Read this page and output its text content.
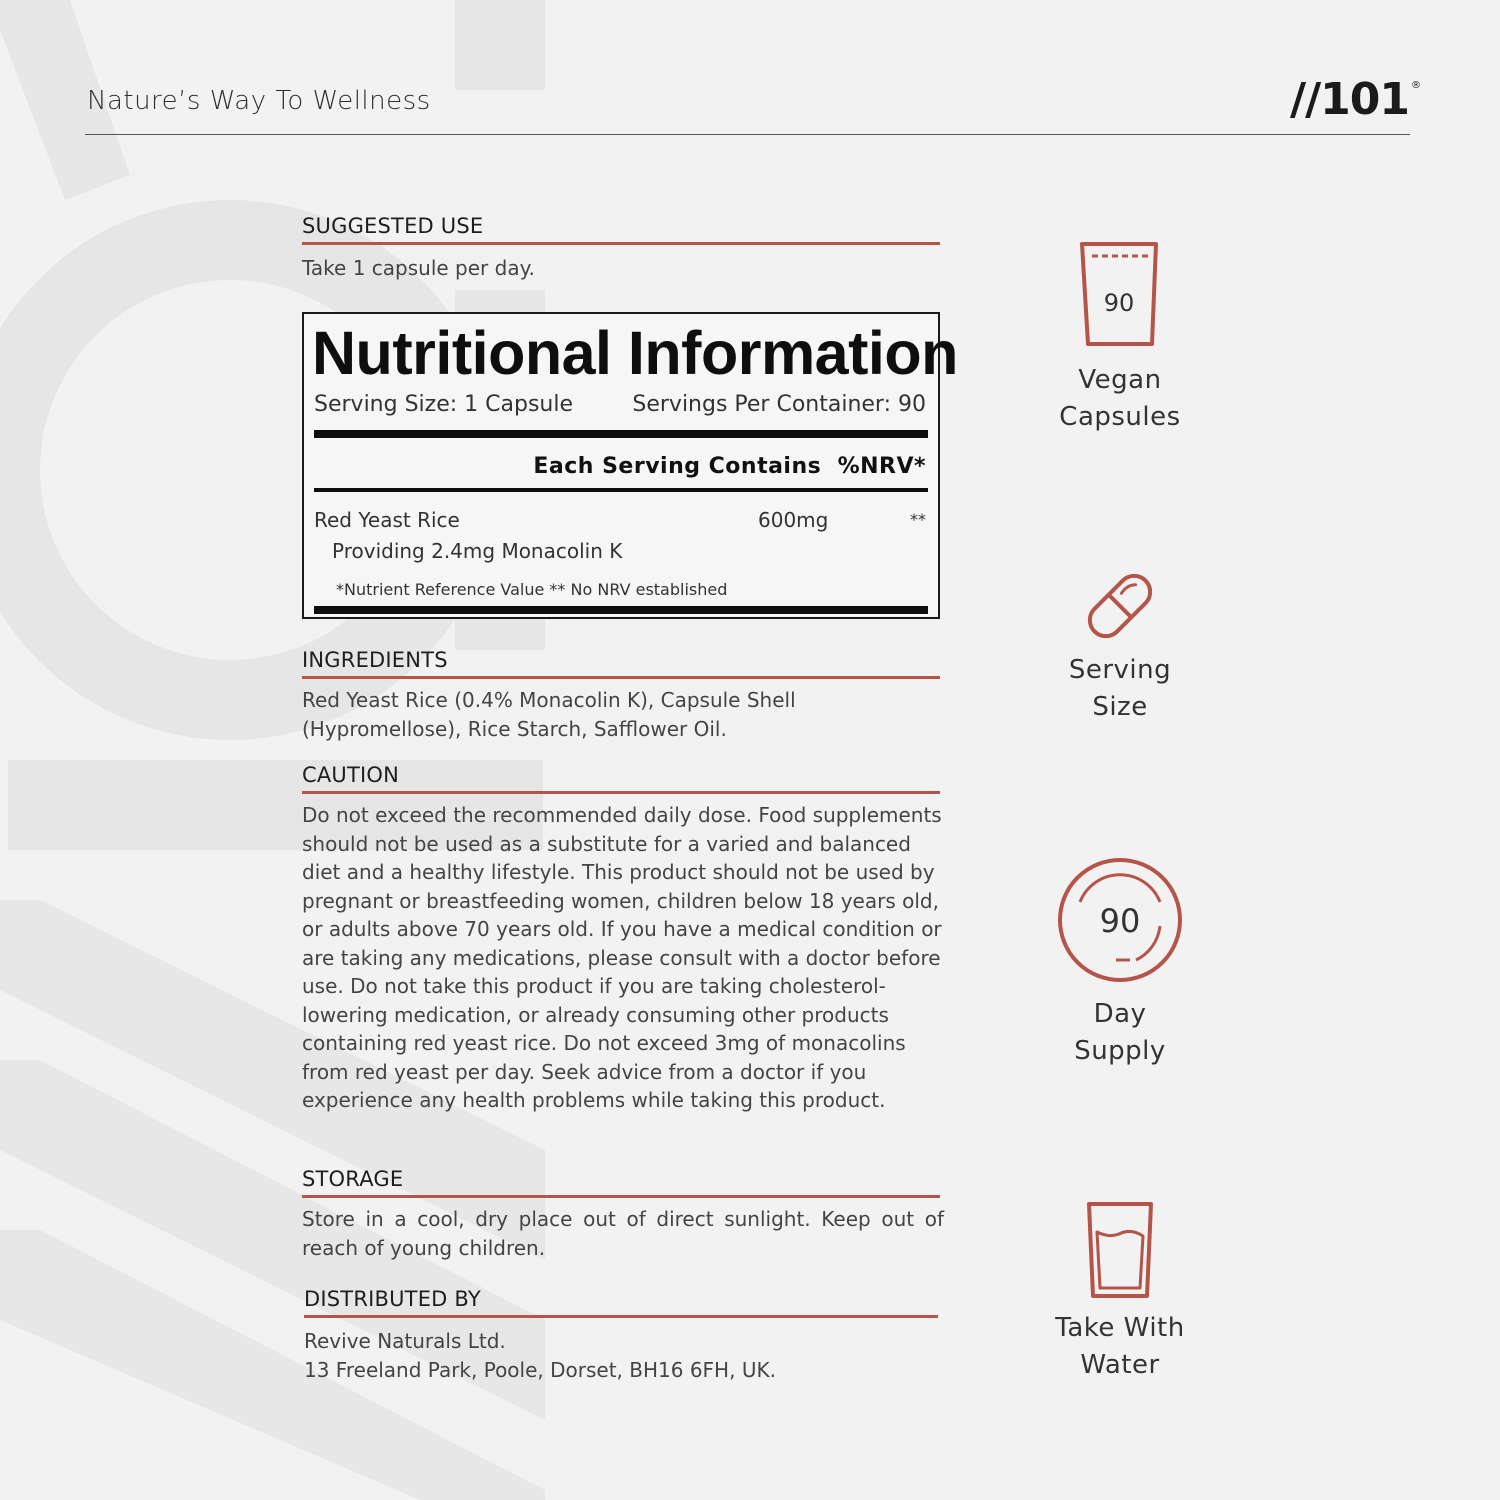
Nature’s Way To Wellness	//101 ®
SUGGESTED USE
Take 1 capsule per day.
Nutritional Information
Serving Size: 1 Capsule	Servings Per Container: 90
Each Serving Contains %NRV*
Red Yeast Rice	600mg	**
Providing 2.4mg Monacolin K
*Nutrient Reference Value ** No NRV established
INGREDIENTS
Red Yeast Rice (0.4% Monacolin K), Capsule Shell (Hypromellose), Rice Starch, Safflower Oil.
CAUTION
Do not exceed the recommended daily dose. Food supplements should not be used as a substitute for a varied and balanced diet and a healthy lifestyle. This product should not be used by pregnant or breastfeeding women, children below 18 years old, or adults above 70 years old. If you have a medical condition or are taking any medications, please consult with a doctor before use. Do not take this product if you are taking cholesterol-lowering medication, or already consuming other products containing red yeast rice. Do not exceed 3mg of monacolins from red yeast per day. Seek advice from a doctor if you experience any health problems while taking this product.
STORAGE
Store in a cool, dry place out of direct sunlight. Keep out of reach of young children.
DISTRIBUTED BY
Revive Naturals Ltd.
13 Freeland Park, Poole, Dorset, BH16 6FH, UK.
90
Vegan
Capsules
Serving
Size
90
Day
Supply
Take With
Water
